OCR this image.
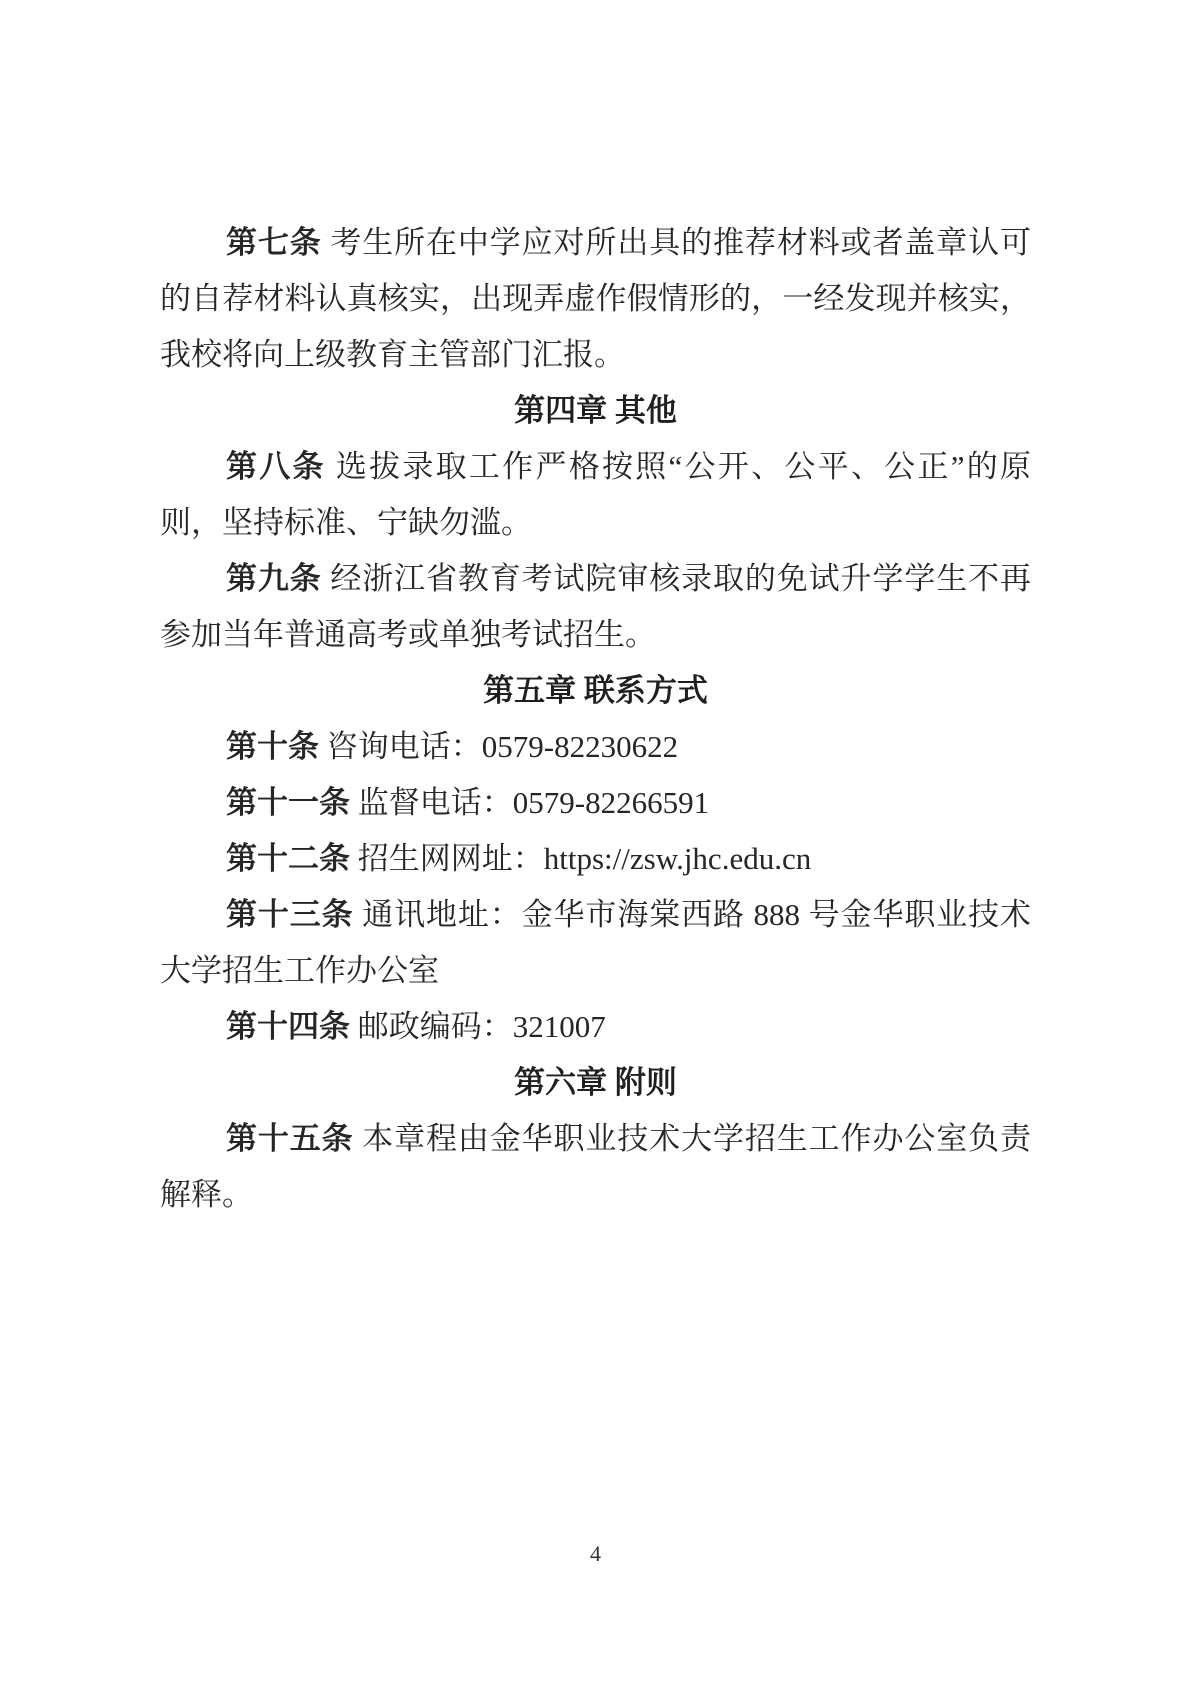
第七条 考生所在中学应对所出具的推荐材料或者盖章认可的自荐材料认真核实，出现弄虚作假情形的，一经发现并核实，我校将向上级教育主管部门汇报。

第四章 其他

第八条 选拔录取工作严格按照“公开、公平、公正”的原则，坚持标准、宁缺勿滥。

第九条 经浙江省教育考试院审核录取的免试升学学生不再参加当年普通高考或单独考试招生。

第五章 联系方式

第十条 咨询电话：0579-82230622

第十一条 监督电话：0579-82266591

第十二条 招生网网址：https://zsw.jhc.edu.cn

第十三条 通讯地址：金华市海棠西路 888 号金华职业技术大学招生工作办公室

第十四条 邮政编码：321007

第六章 附则

第十五条 本章程由金华职业技术大学招生工作办公室负责解释。

4
